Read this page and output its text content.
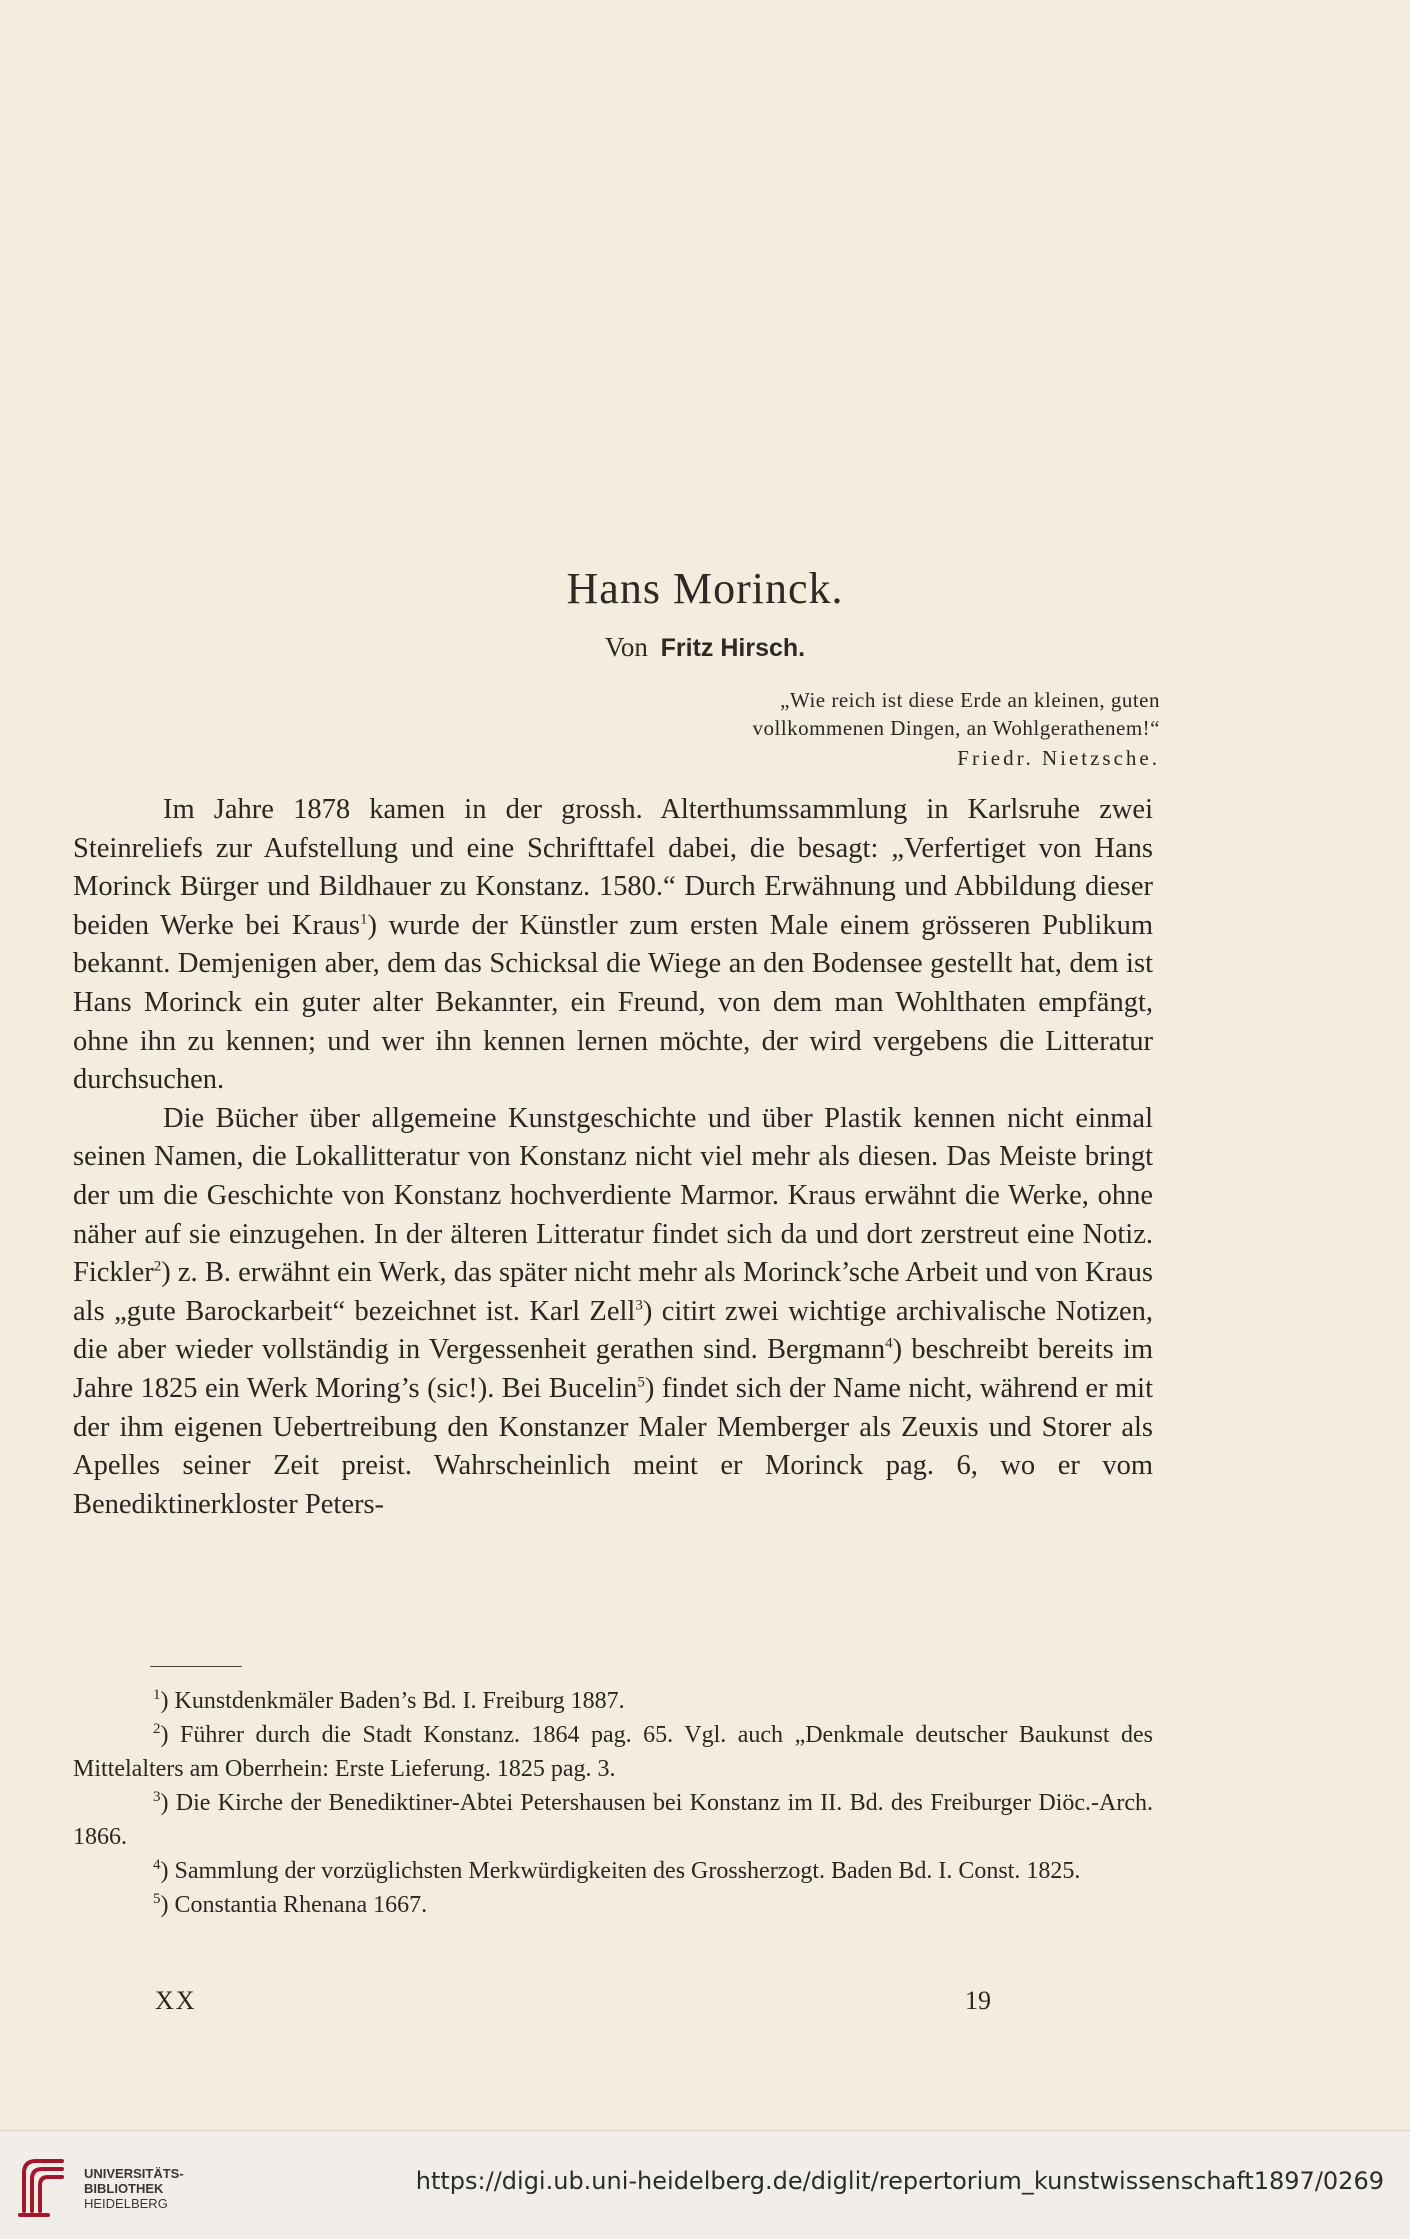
Hans Morinck.
Von Fritz Hirsch.
„Wie reich ist diese Erde an kleinen, guten
vollkommenen Dingen, an Wohlgerathenem!“
Friedr. Nietzsche.

Im Jahre 1878 kamen in der grossh. Alterthumssammlung in Karlsruhe zwei Steinreliefs zur Aufstellung und eine Schrifttafel dabei, die besagt: „Verfertiget von Hans Morinck Bürger und Bildhauer zu Konstanz. 1580.“ Durch Erwähnung und Abbildung dieser beiden Werke bei Kraus$^1$) wurde der Künstler zum ersten Male einem grösseren Publikum bekannt. Demjenigen aber, dem das Schicksal die Wiege an den Bodensee gestellt hat, dem ist Hans Morinck ein guter alter Bekannter, ein Freund, von dem man Wohlthaten empfängt, ohne ihn zu kennen; und wer ihn kennen lernen möchte, der wird vergebens die Litteratur durchsuchen.

Die Bücher über allgemeine Kunstgeschichte und über Plastik kennen nicht einmal seinen Namen, die Lokallitteratur von Konstanz nicht viel mehr als diesen. Das Meiste bringt der um die Geschichte von Konstanz hochverdiente Marmor. Kraus erwähnt die Werke, ohne näher auf sie einzugehen. In der älteren Litteratur findet sich da und dort zerstreut eine Notiz. Fickler$^2$) z. B. erwähnt ein Werk, das später nicht mehr als Morinck’sche Arbeit und von Kraus als „gute Barockarbeit“ bezeichnet ist. Karl Zell$^3$) citirt zwei wichtige archivalische Notizen, die aber wieder vollständig in Vergessenheit gerathen sind. Bergmann$^4$) beschreibt bereits im Jahre 1825 ein Werk Moring’s (sic!). Bei Bucelin$^5$) findet sich der Name nicht, während er mit der ihm eigenen Uebertreibung den Konstanzer Maler Memberger als Zeuxis und Storer als Apelles seiner Zeit preist. Wahrscheinlich meint er Morinck pag. 6, wo er vom Benediktinerkloster Peters-

$^1$) Kunstdenkmäler Baden’s Bd. I. Freiburg 1887.

$^2$) Führer durch die Stadt Konstanz. 1864 pag. 65. Vgl. auch „Denkmale deutscher Baukunst des Mittelalters am Oberrhein: Erste Lieferung. 1825 pag. 3.

$^3$) Die Kirche der Benediktiner-Abtei Petershausen bei Konstanz im II. Bd. des Freiburger Diöc.-Arch. 1866.

$^4$) Sammlung der vorzüglichsten Merkwürdigkeiten des Grossherzogt. Baden Bd. I. Const. 1825.

$^5$) Constantia Rhenana 1667.

XX	19
UNIVERSITÄTS-
BIBLIOTHEK
HEIDELBERG
https://digi.ub.uni-heidelberg.de/diglit/repertorium_kunstwissenschaft1897/0269
